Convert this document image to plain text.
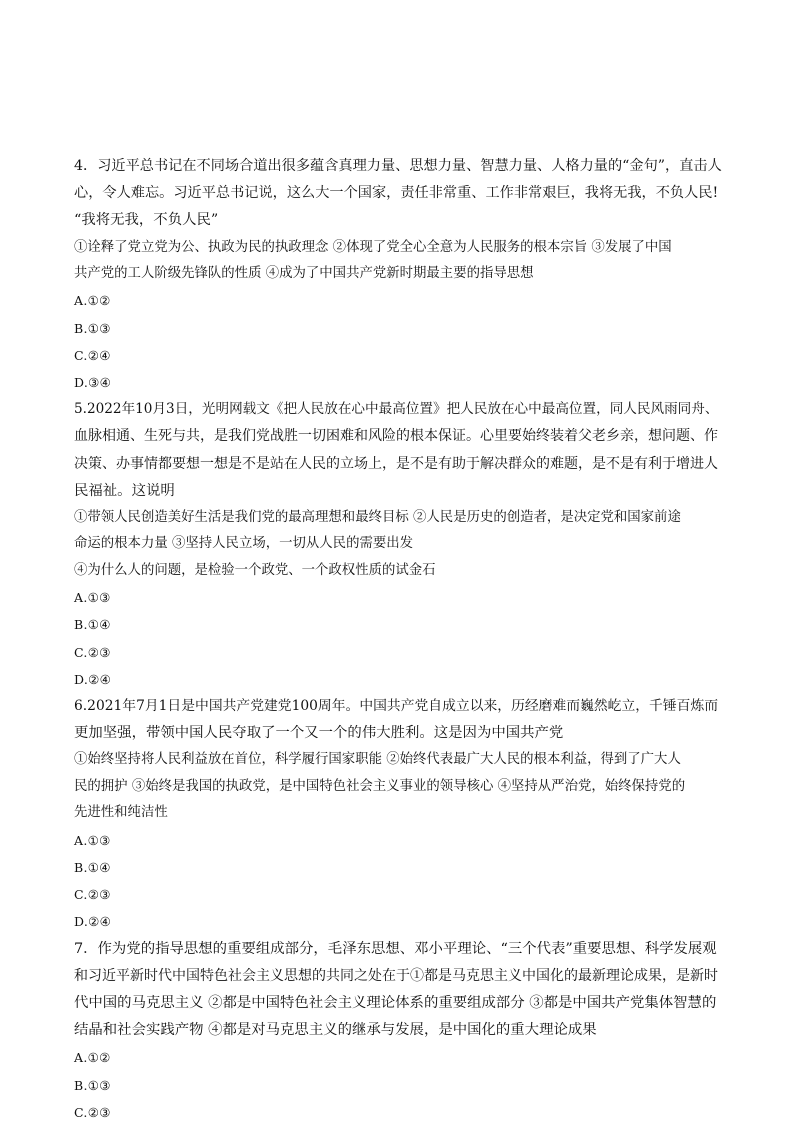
4．习近平总书记在不同场合道出很多蕴含真理力量、思想力量、智慧力量、人格力量的“金句”，直击人
心，令人难忘。习近平总书记说，这么大一个国家，责任非常重、工作非常艰巨，我将无我，不负人民!
“我将无我，不负人民”
①诠释了党立党为公、执政为民的执政理念 ②体现了党全心全意为人民服务的根本宗旨 ③发展了中国
共产党的工人阶级先锋队的性质 ④成为了中国共产党新时期最主要的指导思想
A.①②
B.①③
C.②④
D.③④
5.2022年10月3日，光明网载文《把人民放在心中最高位置》把人民放在心中最高位置，同人民风雨同舟、
血脉相通、生死与共，是我们党战胜一切困难和风险的根本保证。心里要始终装着父老乡亲，想问题、作
决策、办事情都要想一想是不是站在人民的立场上，是不是有助于解决群众的难题，是不是有利于增进人
民福祉。这说明
①带领人民创造美好生活是我们党的最高理想和最终目标 ②人民是历史的创造者，是决定党和国家前途
命运的根本力量 ③坚持人民立场，一切从人民的需要出发
④为什么人的问题，是检验一个政党、一个政权性质的试金石
A.①③
B.①④
C.②③
D.②④
6.2021年7月1日是中国共产党建党100周年。中国共产党自成立以来，历经磨难而巍然屹立，千锤百炼而
更加坚强，带领中国人民夺取了一个又一个的伟大胜利。这是因为中国共产党
①始终坚持将人民利益放在首位，科学履行国家职能 ②始终代表最广大人民的根本利益，得到了广大人
民的拥护 ③始终是我国的执政党，是中国特色社会主义事业的领导核心 ④坚持从严治党，始终保持党的
先进性和纯洁性
A.①③
B.①④
C.②③
D.②④
7．作为党的指导思想的重要组成部分，毛泽东思想、邓小平理论、“三个代表”重要思想、科学发展观
和习近平新时代中国特色社会主义思想的共同之处在于①都是马克思主义中国化的最新理论成果，是新时
代中国的马克思主义 ②都是中国特色社会主义理论体系的重要组成部分 ③都是中国共产党集体智慧的
结晶和社会实践产物 ④都是对马克思主义的继承与发展，是中国化的重大理论成果
A.①②
B.①③
C.②③
